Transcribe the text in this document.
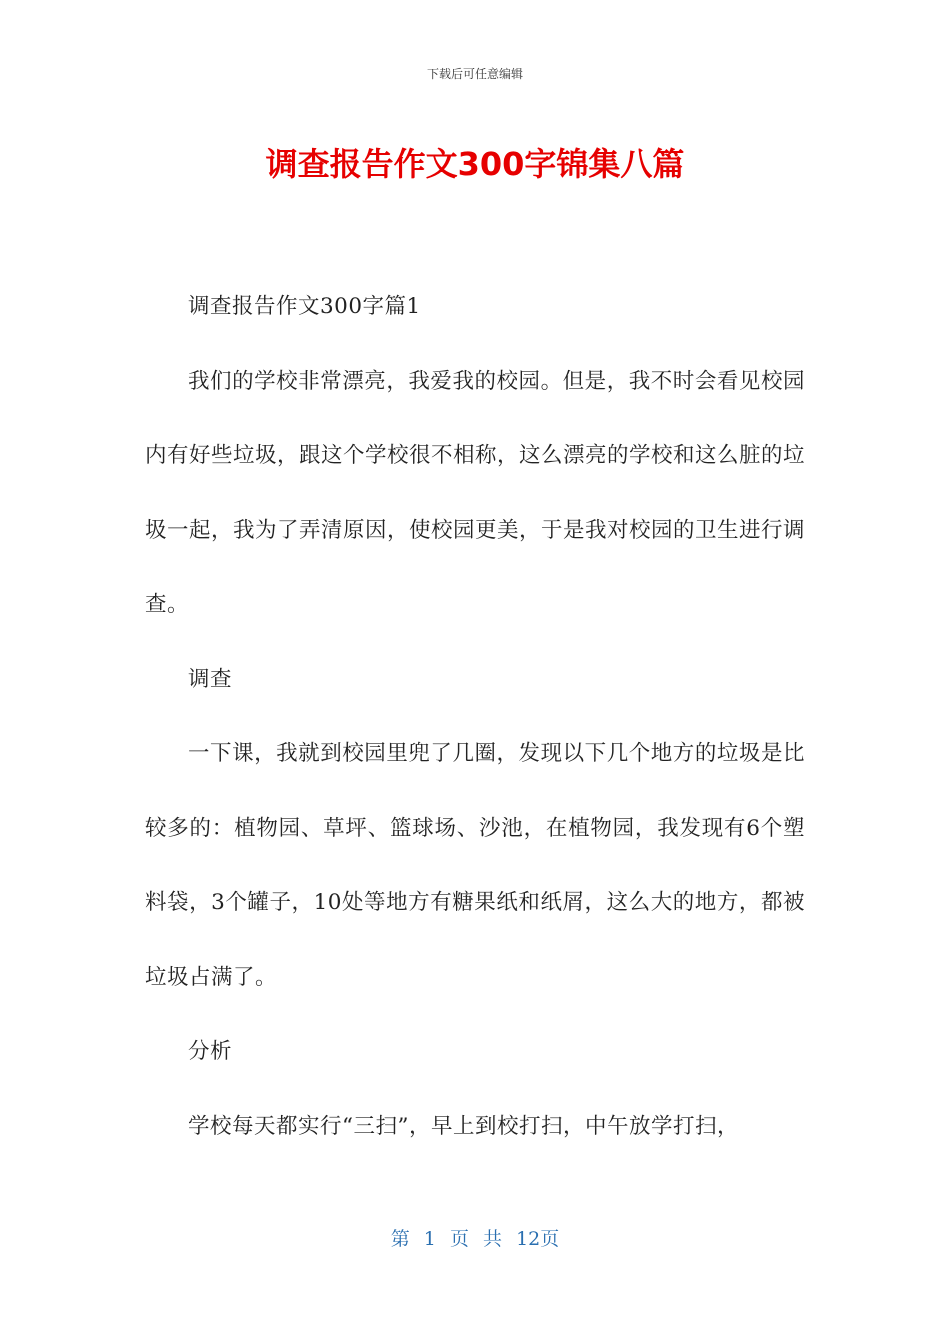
下载后可任意编辑
调查报告作文300字锦集八篇

调查报告作文300字篇1

我们的学校非常漂亮，我爱我的校园。但是，我不时会看见校园内有好些垃圾，跟这个学校很不相称，这么漂亮的学校和这么脏的垃圾一起，我为了弄清原因，使校园更美，于是我对校园的卫生进行调查。

调查

一下课，我就到校园里兜了几圈，发现以下几个地方的垃圾是比较多的：植物园、草坪、篮球场、沙池，在植物园，我发现有6个塑料袋，3个罐子，10处等地方有糖果纸和纸屑，这么大的地方，都被垃圾占满了。

分析

学校每天都实行“三扫”，早上到校打扫，中午放学打扫，

第 1 页 共 12页
